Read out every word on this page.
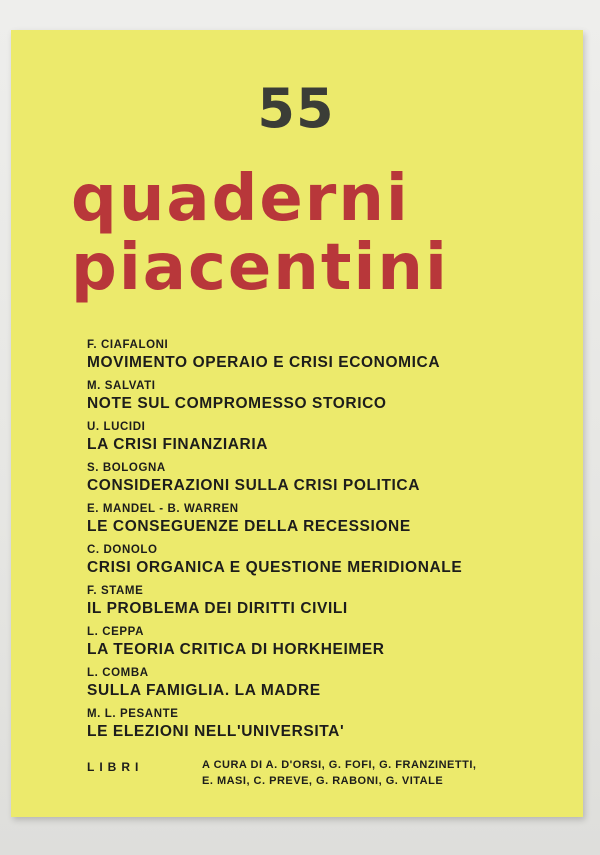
55
quaderni
piacentini
F. CIAFALONI
MOVIMENTO OPERAIO E CRISI ECONOMICA
M. SALVATI
NOTE SUL COMPROMESSO STORICO
U. LUCIDI
LA CRISI FINANZIARIA
S. BOLOGNA
CONSIDERAZIONI SULLA CRISI POLITICA
E. MANDEL - B. WARREN
LE CONSEGUENZE DELLA RECESSIONE
C. DONOLO
CRISI ORGANICA E QUESTIONE MERIDIONALE
F. STAME
IL PROBLEMA DEI DIRITTI CIVILI
L. CEPPA
LA TEORIA CRITICA DI HORKHEIMER
L. COMBA
SULLA FAMIGLIA. LA MADRE
M. L. PESANTE
LE ELEZIONI NELL'UNIVERSITA'
LIBRI	A CURA DI A. D'ORSI, G. FOFI, G. FRANZINETTI,
E. MASI, C. PREVE, G. RABONI, G. VITALE
